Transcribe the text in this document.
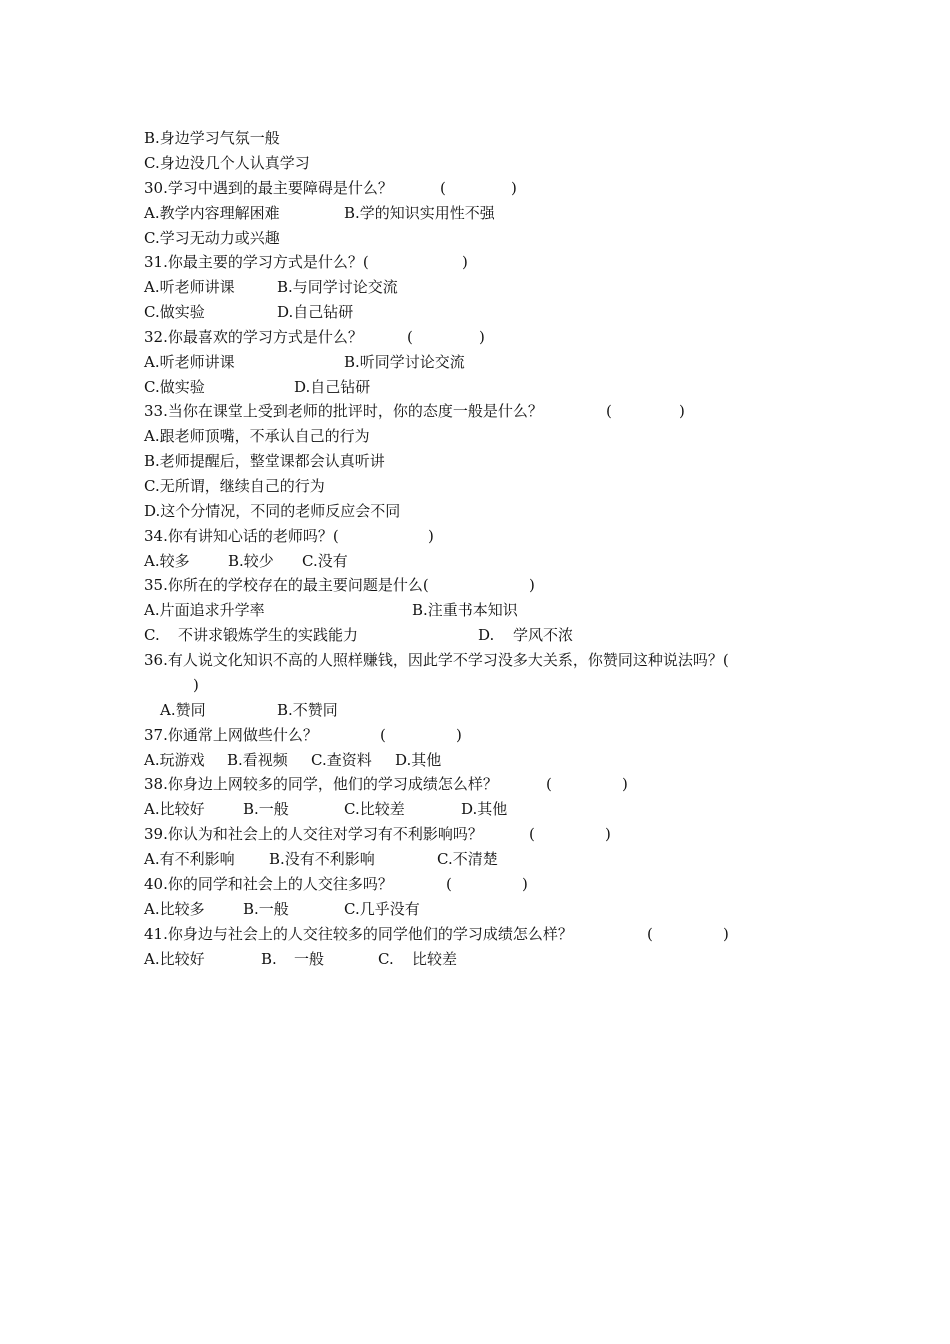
B.身边学习气氛一般

C.身边没几个人认真学习

30.学习中遇到的最主要障碍是什么？

	(

	)

A.教学内容理解困难

	B.学的知识实用性不强

C.学习无动力或兴趣

31.你最主要的学习方式是什么？(

	)

A.听老师讲课

	B.与同学讨论交流

C.做实验

	D.自己钻研

32.你最喜欢的学习方式是什么？

	(

	)

A.听老师讲课

	B.听同学讨论交流

C.做实验

	D.自己钻研

33.当你在课堂上受到老师的批评时，你的态度一般是什么？

	(

	)

A.跟老师顶嘴，不承认自己的行为

B.老师提醒后，整堂课都会认真听讲

C.无所谓，继续自己的行为

D.这个分情况，不同的老师反应会不同

34.你有讲知心话的老师吗？(

	)

A.较多

	B.较少

C.没有

35.你所在的学校存在的最主要问题是什么(

	)

A.片面追求升学率

	B.注重书本知识

C.

不讲求锻炼学生的实践能力

	D.

学风不浓

36.有人说文化知识不高的人照样赚钱，因此学不学习没多大关系，你赞同这种说法吗？(

)

A.赞同

	B.不赞同

37.你通常上网做些什么？

	(

	)

A.玩游戏

B.看视频

C.查资料

D.其他

38.你身边上网较多的同学，他们的学习成绩怎么样？

	(

	)

A.比较好

	B.一般

	C.比较差

	D.其他

39.你认为和社会上的人交往对学习有不利影响吗？

	(

	)

A.有不利影响

B.没有不利影响

	C.不清楚

40.你的同学和社会上的人交往多吗？

	(

	)

A.比较多

	B.一般

	C.几乎没有

41.你身边与社会上的人交往较多的同学他们的学习成绩怎么样？

	(

	)

A.比较好

	B.

一般

	C.

比较差
